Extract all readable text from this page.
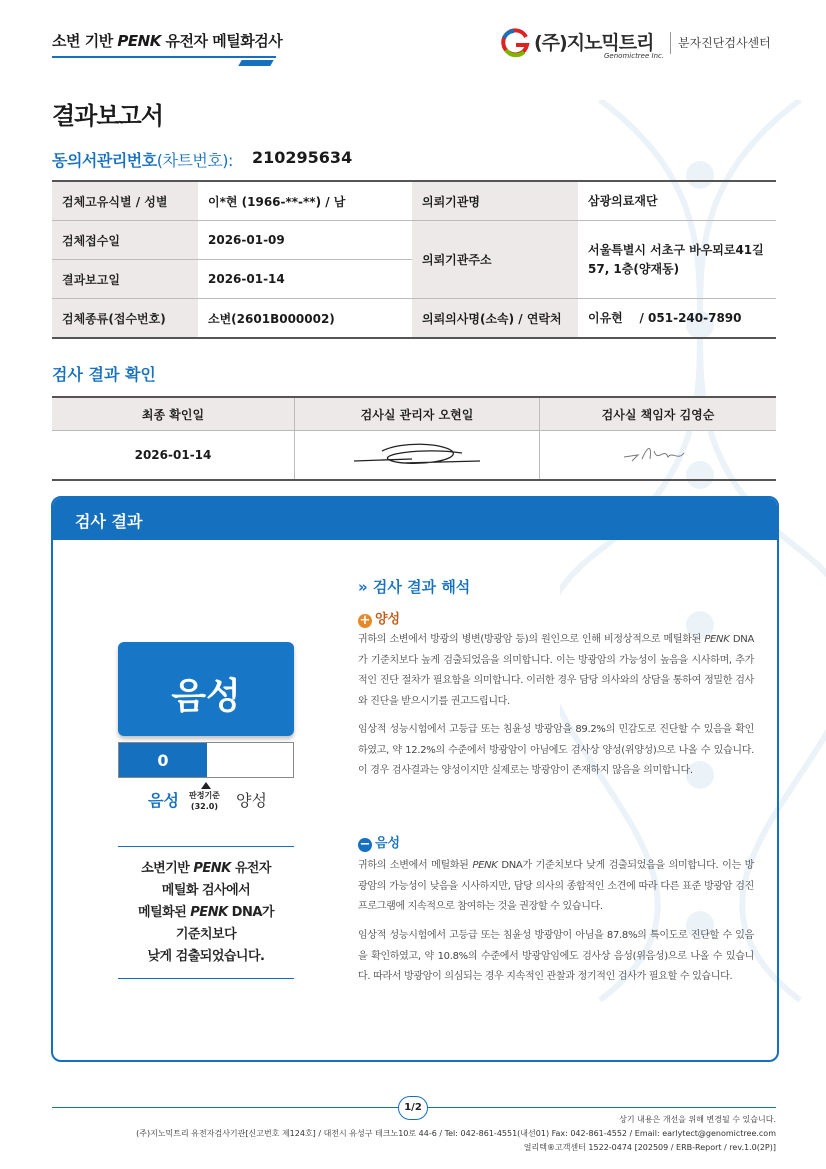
소변 기반 PENK 유전자 메틸화검사	(주)지노믹트리
Genomictree Inc.
분자진단검사센터
결과보고서
동의서관리번호(차트번호): 210295634
검체고유식별 / 성별	이*현 (1966-**-**) / 남	의뢰기관명	삼광의료재단
검체접수일	2026-01-09	의뢰기관주소	서울특별시 서초구 바우뫼로41길 57, 1층(양재동)
결과보고일	2026-01-14		
검체종류(접수번호)	소변(2601B000002)	의뢰의사명(소속) / 연락처	이유현    / 051-240-7890
검사 결과 확인
최종 확인일	검사실 관리자 오현일	검사실 책임자 김영순
2026-01-14		
검사 결과
음성
0
음성 판정기준
(32.0) 양성
소변기반 PENK 유전자
메틸화 검사에서
메틸화된 PENK DNA가
기준치보다
낮게 검출되었습니다.
» 검사 결과 해석
+ 양성
귀하의 소변에서 방광의 병변(방광암 등)의 원인으로 인해 비정상적으로 메틸화된 PENK DNA가 기준치보다 높게 검출되었음을 의미합니다. 이는 방광암의 가능성이 높음을 시사하며, 추가적인 진단 절차가 필요함을 의미합니다. 이러한 경우 담당 의사와의 상담을 통하여 정밀한 검사와 진단을 받으시기를 권고드립니다.
임상적 성능시험에서 고등급 또는 침윤성 방광암을 89.2%의 민감도로 진단할 수 있음을 확인하였고, 약 12.2%의 수준에서 방광암이 아님에도 검사상 양성(위양성)으로 나올 수 있습니다. 이 경우 검사결과는 양성이지만 실제로는 방광암이 존재하지 않음을 의미합니다.
− 음성
귀하의 소변에서 메틸화된 PENK DNA가 기준치보다 낮게 검출되었음을 의미합니다. 이는 방광암의 가능성이 낮음을 시사하지만, 담당 의사의 종합적인 소견에 따라 다른 표준 방광암 검진 프로그램에 지속적으로 참여하는 것을 권장할 수 있습니다.
임상적 성능시험에서 고등급 또는 침윤성 방광암이 아님을 87.8%의 특이도로 진단할 수 있음을 확인하였고, 약 10.8%의 수준에서 방광암임에도 검사상 음성(위음성)으로 나올 수 있습니다. 따라서 방광암이 의심되는 경우 지속적인 관찰과 정기적인 검사가 필요할 수 있습니다.
1/2
상기 내용은 개선을 위해 변경될 수 있습니다.
(주)지노믹트리 유전자검사기관[신고번호 제124호] / 대전시 유성구 테크노10로 44-6 / Tel: 042-861-4551(내선01) Fax: 042-861-4552 / Email: earlytect@genomictree.com
얼리텍®고객센터 1522-0474 [202509 / ERB-Report / rev.1.0(2P)]
